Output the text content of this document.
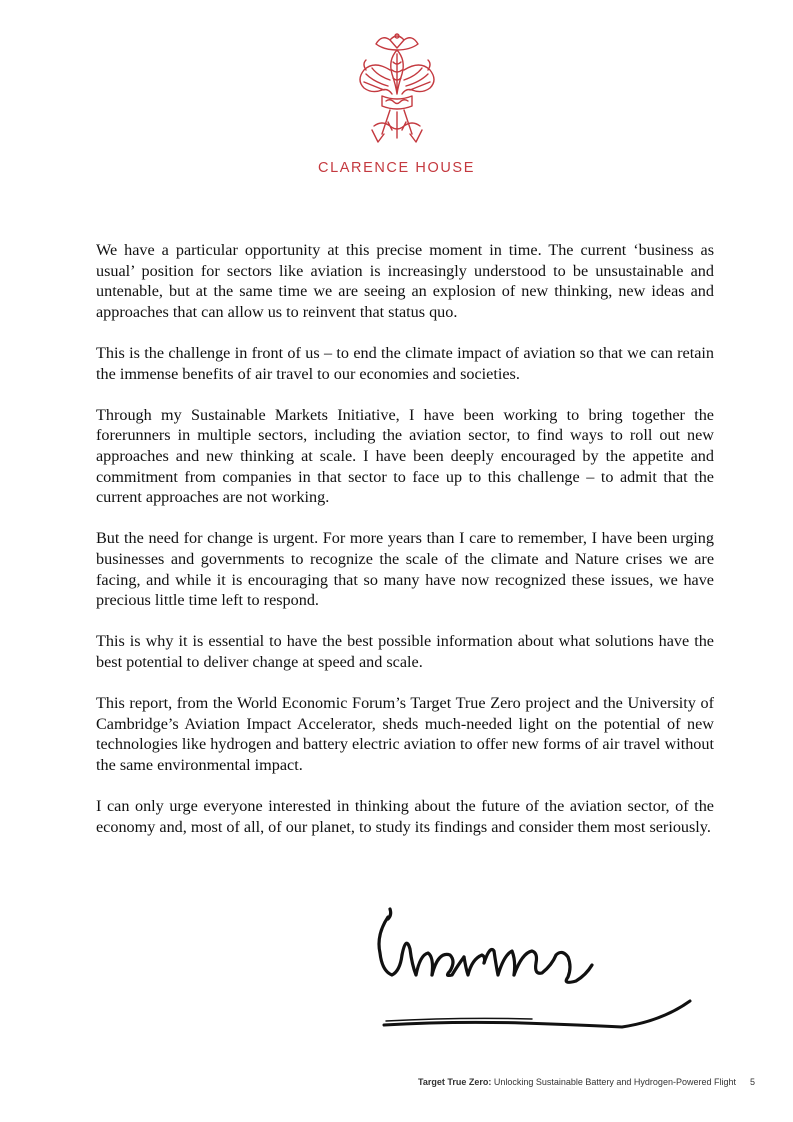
CLARENCE HOUSE

We have a particular opportunity at this precise moment in time. The current ‘business as usual’ position for sectors like aviation is increasingly understood to be unsustainable and untenable, but at the same time we are seeing an explosion of new thinking, new ideas and approaches that can allow us to reinvent that status quo.

This is the challenge in front of us – to end the climate impact of aviation so that we can retain the immense benefits of air travel to our economies and societies.

Through my Sustainable Markets Initiative, I have been working to bring together the forerunners in multiple sectors, including the aviation sector, to find ways to roll out new approaches and new thinking at scale. I have been deeply encouraged by the appetite and commitment from companies in that sector to face up to this challenge – to admit that the current approaches are not working.

But the need for change is urgent. For more years than I care to remember, I have been urging businesses and governments to recognize the scale of the climate and Nature crises we are facing, and while it is encouraging that so many have now recognized these issues, we have precious little time left to respond.

This is why it is essential to have the best possible information about what solutions have the best potential to deliver change at speed and scale.

This report, from the World Economic Forum’s Target True Zero project and the University of Cambridge’s Aviation Impact Accelerator, sheds much-needed light on the potential of new technologies like hydrogen and battery electric aviation to offer new forms of air travel without the same environmental impact.

I can only urge everyone interested in thinking about the future of the aviation sector, of the economy and, most of all, of our planet, to study its findings and consider them most seriously.

Target True Zero: Unlocking Sustainable Battery and Hydrogen-Powered Flight 5
